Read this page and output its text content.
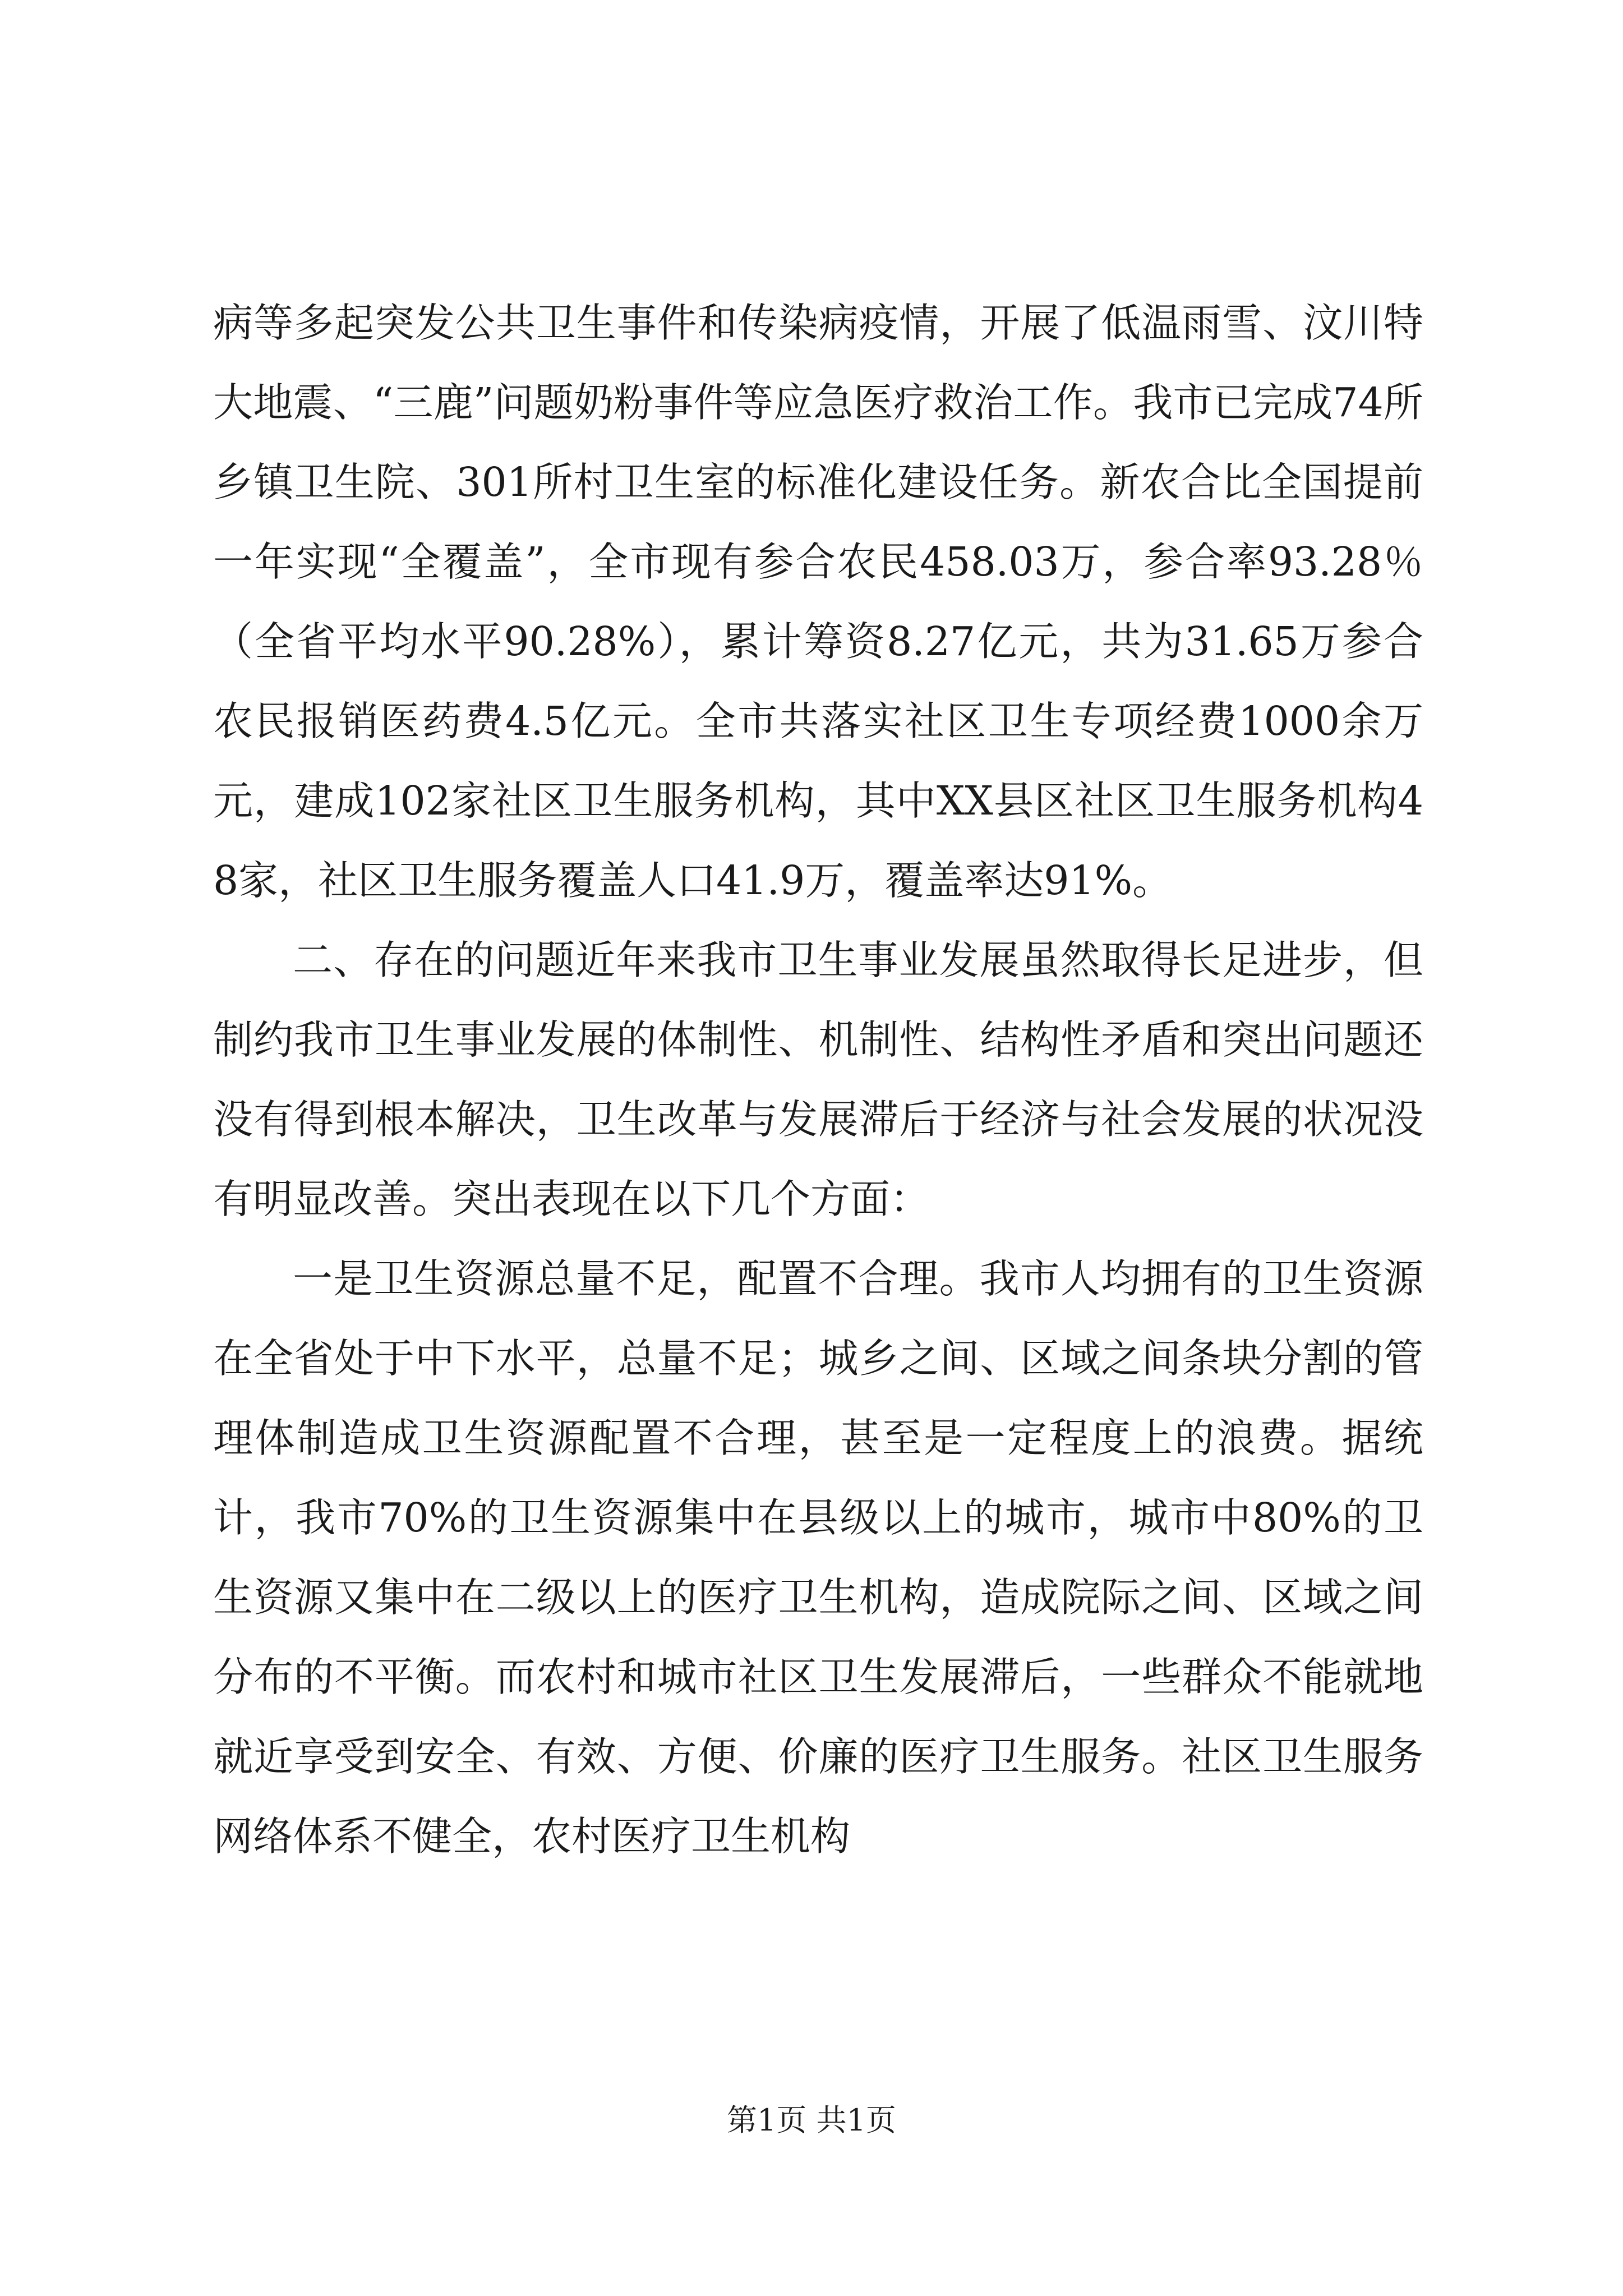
病等多起突发公共卫生事件和传染病疫情，开展了低温雨雪、汶川特大地震、“三鹿”问题奶粉事件等应急医疗救治工作。我市已完成74所乡镇卫生院、301所村卫生室的标准化建设任务。新农合比全国提前一年实现“全覆盖”，全市现有参合农民458.03万，参合率93.28％（全省平均水平90.28%），累计筹资8.27亿元，共为31.65万参合农民报销医药费4.5亿元。全市共落实社区卫生专项经费1000余万元，建成102家社区卫生服务机构，其中XX县区社区卫生服务机构48家，社区卫生服务覆盖人口41.9万，覆盖率达91%。

二、存在的问题近年来我市卫生事业发展虽然取得长足进步，但制约我市卫生事业发展的体制性、机制性、结构性矛盾和突出问题还没有得到根本解决，卫生改革与发展滞后于经济与社会发展的状况没有明显改善。突出表现在以下几个方面：

一是卫生资源总量不足，配置不合理。我市人均拥有的卫生资源在全省处于中下水平，总量不足；城乡之间、区域之间条块分割的管理体制造成卫生资源配置不合理，甚至是一定程度上的浪费。据统计，我市70%的卫生资源集中在县级以上的城市，城市中80%的卫生资源又集中在二级以上的医疗卫生机构，造成院际之间、区域之间分布的不平衡。而农村和城市社区卫生发展滞后，一些群众不能就地就近享受到安全、有效、方便、价廉的医疗卫生服务。社区卫生服务网络体系不健全，农村医疗卫生机构

第1页 共1页
